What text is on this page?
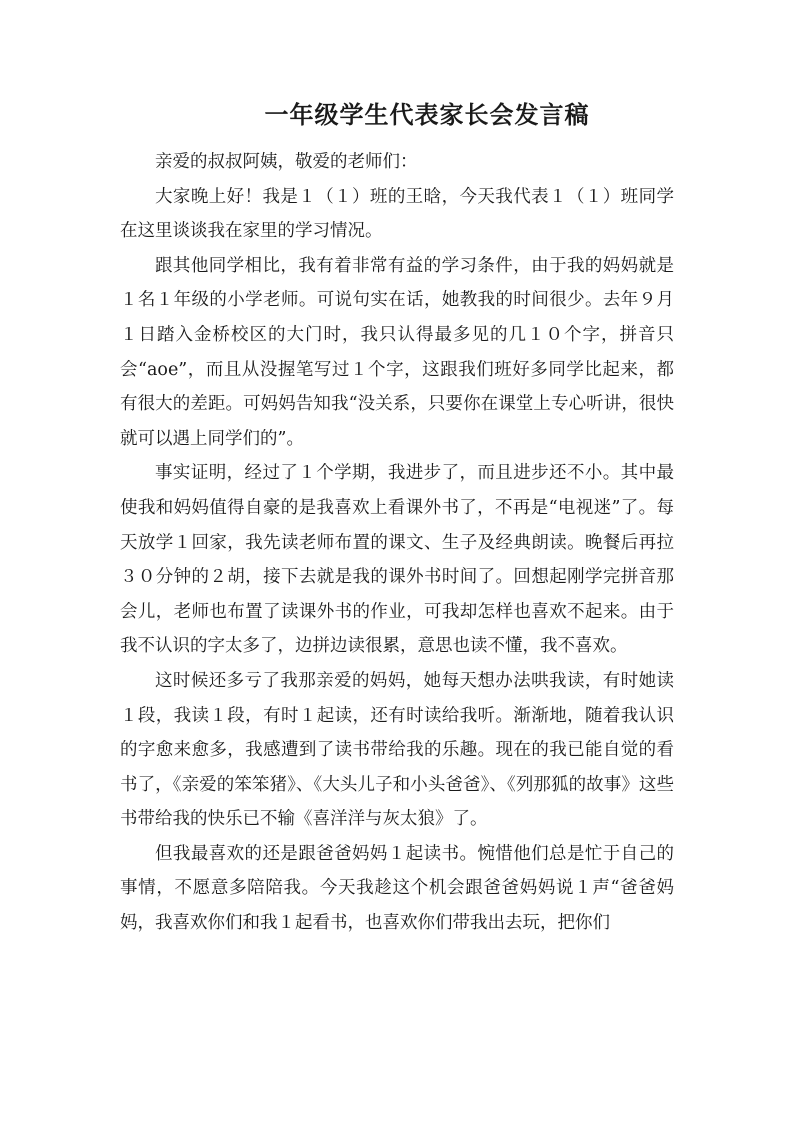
一年级学生代表家长会发言稿

亲爱的叔叔阿姨，敬爱的老师们：

大家晚上好！我是１（１）班的王晗，今天我代表１（１）班同学在这里谈谈我在家里的学习情况。

跟其他同学相比，我有着非常有益的学习条件，由于我的妈妈就是１名１年级的小学老师。可说句实在话，她教我的时间很少。去年９月１日踏入金桥校区的大门时，我只认得最多见的几１０个字，拼音只会“aoe”，而且从没握笔写过１个字，这跟我们班好多同学比起来，都有很大的差距。可妈妈告知我“没关系，只要你在课堂上专心听讲，很快就可以遇上同学们的”。

事实证明，经过了１个学期，我进步了，而且进步还不小。其中最使我和妈妈值得自豪的是我喜欢上看课外书了，不再是“电视迷”了。每天放学１回家，我先读老师布置的课文、生子及经典朗读。晚餐后再拉３０分钟的２胡，接下去就是我的课外书时间了。回想起刚学完拼音那会儿，老师也布置了读课外书的作业，可我却怎样也喜欢不起来。由于我不认识的字太多了，边拼边读很累，意思也读不懂，我不喜欢。

这时候还多亏了我那亲爱的妈妈，她每天想办法哄我读，有时她读１段，我读１段，有时１起读，还有时读给我听。渐渐地，随着我认识的字愈来愈多，我感遭到了读书带给我的乐趣。现在的我已能自觉的看书了，《亲爱的笨笨猪》、《大头儿子和小头爸爸》、《列那狐的故事》这些书带给我的快乐已不输《喜洋洋与灰太狼》了。

但我最喜欢的还是跟爸爸妈妈１起读书。惋惜他们总是忙于自己的事情，不愿意多陪陪我。今天我趁这个机会跟爸爸妈妈说１声“爸爸妈妈，我喜欢你们和我１起看书，也喜欢你们带我出去玩，把你们
